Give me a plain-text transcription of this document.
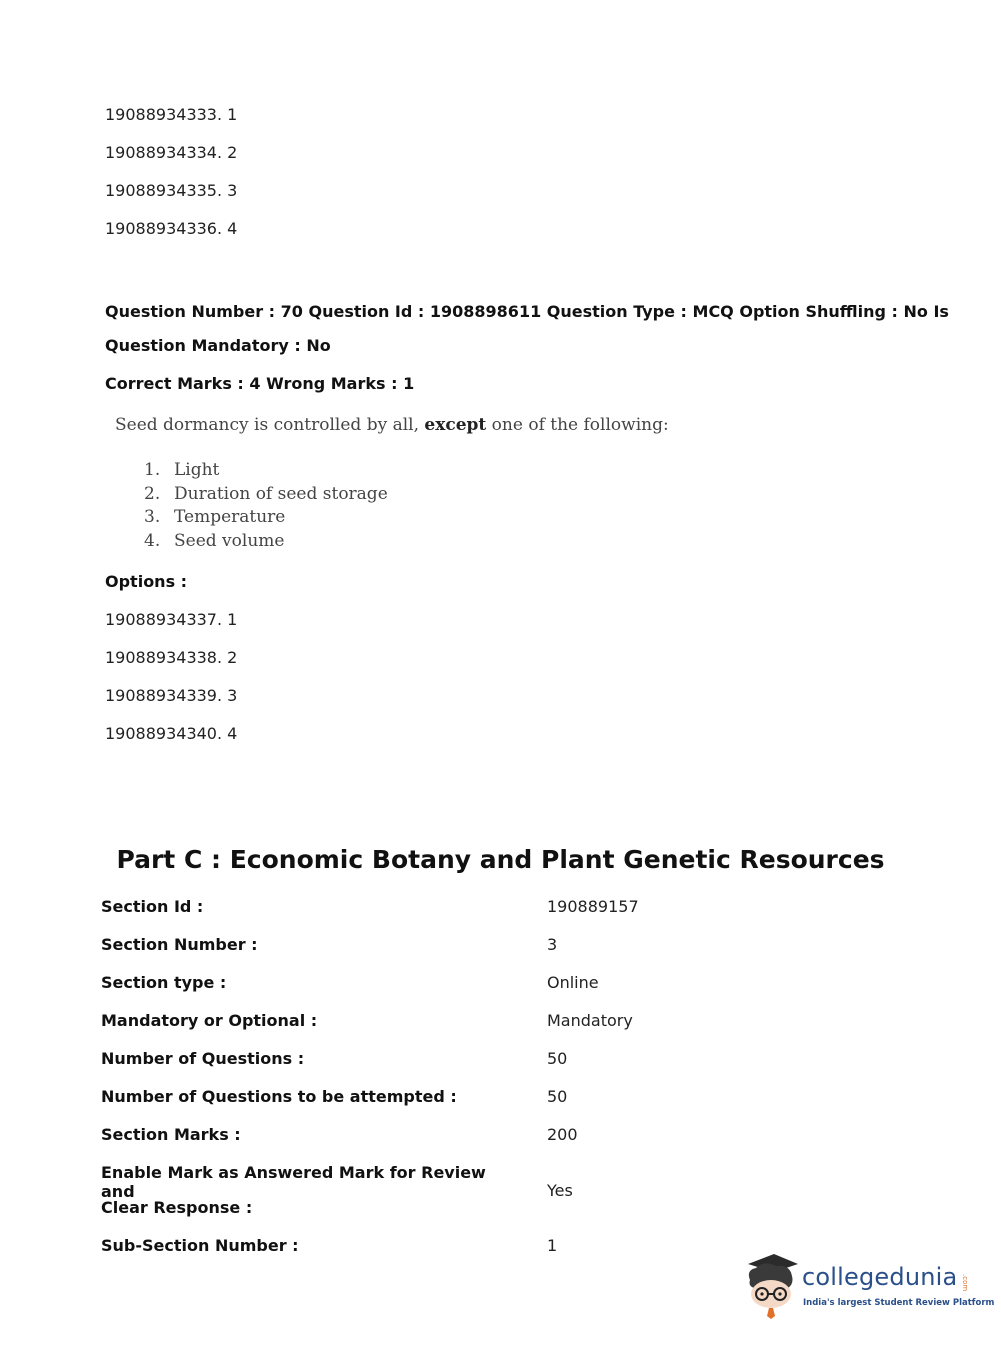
19088934333. 1
19088934334. 2
19088934335. 3
19088934336. 4
Question Number : 70 Question Id : 1908898611 Question Type : MCQ Option Shuffling : No Is
Question Mandatory : No
Correct Marks : 4 Wrong Marks : 1
Seed dormancy is controlled by all, except one of the following:
1. Light
2. Duration of seed storage
3. Temperature
4. Seed volume
Options :
19088934337. 1
19088934338. 2
19088934339. 3
19088934340. 4
Part C : Economic Botany and Plant Genetic Resources
Section Id :	190889157
Section Number :	3
Section type :	Online
Mandatory or Optional :	Mandatory
Number of Questions :	50
Number of Questions to be attempted :	50
Section Marks :	200
Enable Mark as Answered Mark for Review and
Clear Response :
Yes
Sub-Section Number :	1
collegedunia .com
India's largest Student Review Platform
